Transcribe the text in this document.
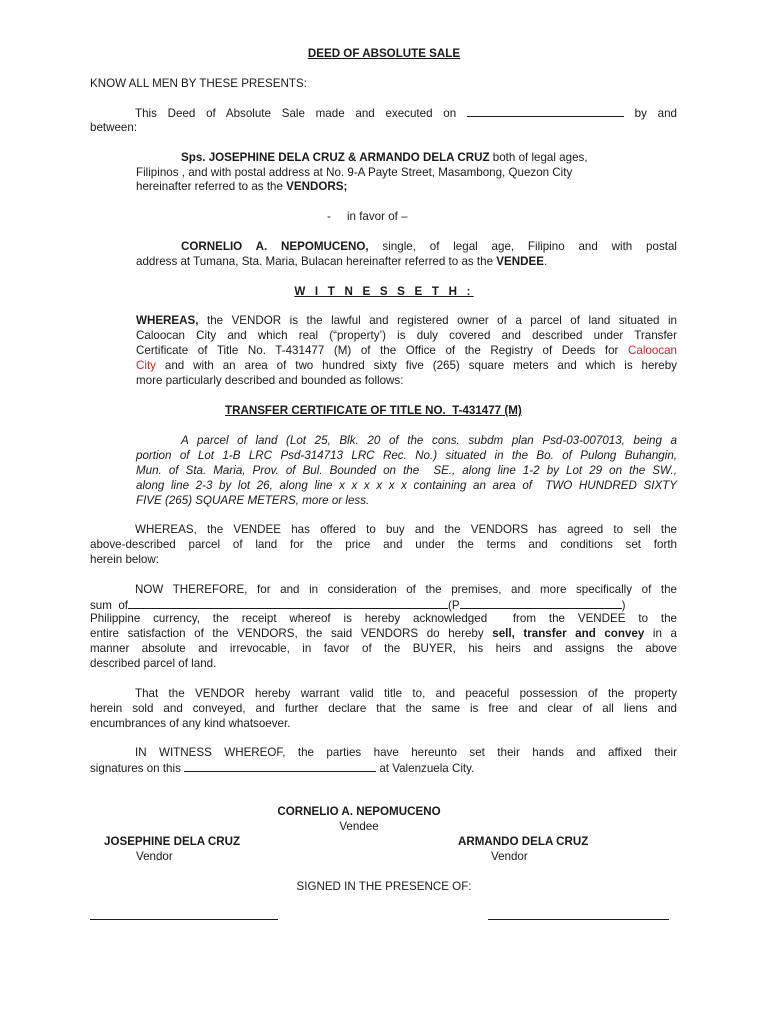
DEED OF ABSOLUTE SALE
KNOW ALL MEN BY THESE PRESENTS:
This Deed of Absolute Sale made and executed on	by and
between:
Sps. JOSEPHINE DELA CRUZ & ARMANDO DELA CRUZ both of legal ages,
Filipinos , and with postal address at No. 9-A Payte Street, Masambong, Quezon City
hereinafter referred to as the VENDORS;
-     in favor of –
CORNELIO A. NEPOMUCENO, single, of legal age, Filipino and with postal
address at Tumana, Sta. Maria, Bulacan hereinafter referred to as the VENDEE.
W I T N E S S E T H :
WHEREAS, the VENDOR is the lawful and registered owner of a parcel of land situated in
Caloocan City and which real (“property’) is duly covered and described under Transfer
Certificate of Title No. T-431477 (M) of the Office of the Registry of Deeds for Caloocan
City and with an area of two hundred sixty five (265) square meters and which is hereby
more particularly described and bounded as follows:
TRANSFER CERTIFICATE OF TITLE NO.  T-431477 (M)
A parcel of land (Lot 25, Blk. 20 of the cons. subdm plan Psd-03-007013, being a
portion of Lot 1-B LRC Psd-314713 LRC Rec. No.) situated in the Bo. of Pulong Buhangin,
Mun. of Sta. Maria, Prov. of Bul. Bounded on the  SE., along line 1-2 by Lot 29 on the SW.,
along line 2-3 by lot 26, along line x x x x x x containing an area of  TWO HUNDRED SIXTY
FIVE (265) SQUARE METERS, more or less.
WHEREAS, the VENDEE has offered to buy and the VENDORS has agreed to sell the
above-described parcel of land for the price and under the terms and conditions set forth
herein below:
NOW THEREFORE, for and in consideration of the premises, and more specifically of the
sum  of	(P	)
Philippine currency, the receipt whereof is hereby acknowledged  from the VENDEE to the
entire satisfaction of the VENDORS, the said VENDORS do hereby sell, transfer and convey in a
manner absolute and irrevocable, in favor of the BUYER, his heirs and assigns the above
described parcel of land.
That the VENDOR hereby warrant valid title to, and peaceful possession of the property
herein sold and conveyed, and further declare that the same is free and clear of all liens and
encumbrances of any kind whatsoever.
IN WITNESS WHEREOF, the parties have hereunto set their hands and affixed their
signatures on this	at Valenzuela City.
CORNELIO A. NEPOMUCENO
Vendee
JOSEPHINE DELA CRUZ
Vendor
ARMANDO DELA CRUZ
Vendor
SIGNED IN THE PRESENCE OF:
